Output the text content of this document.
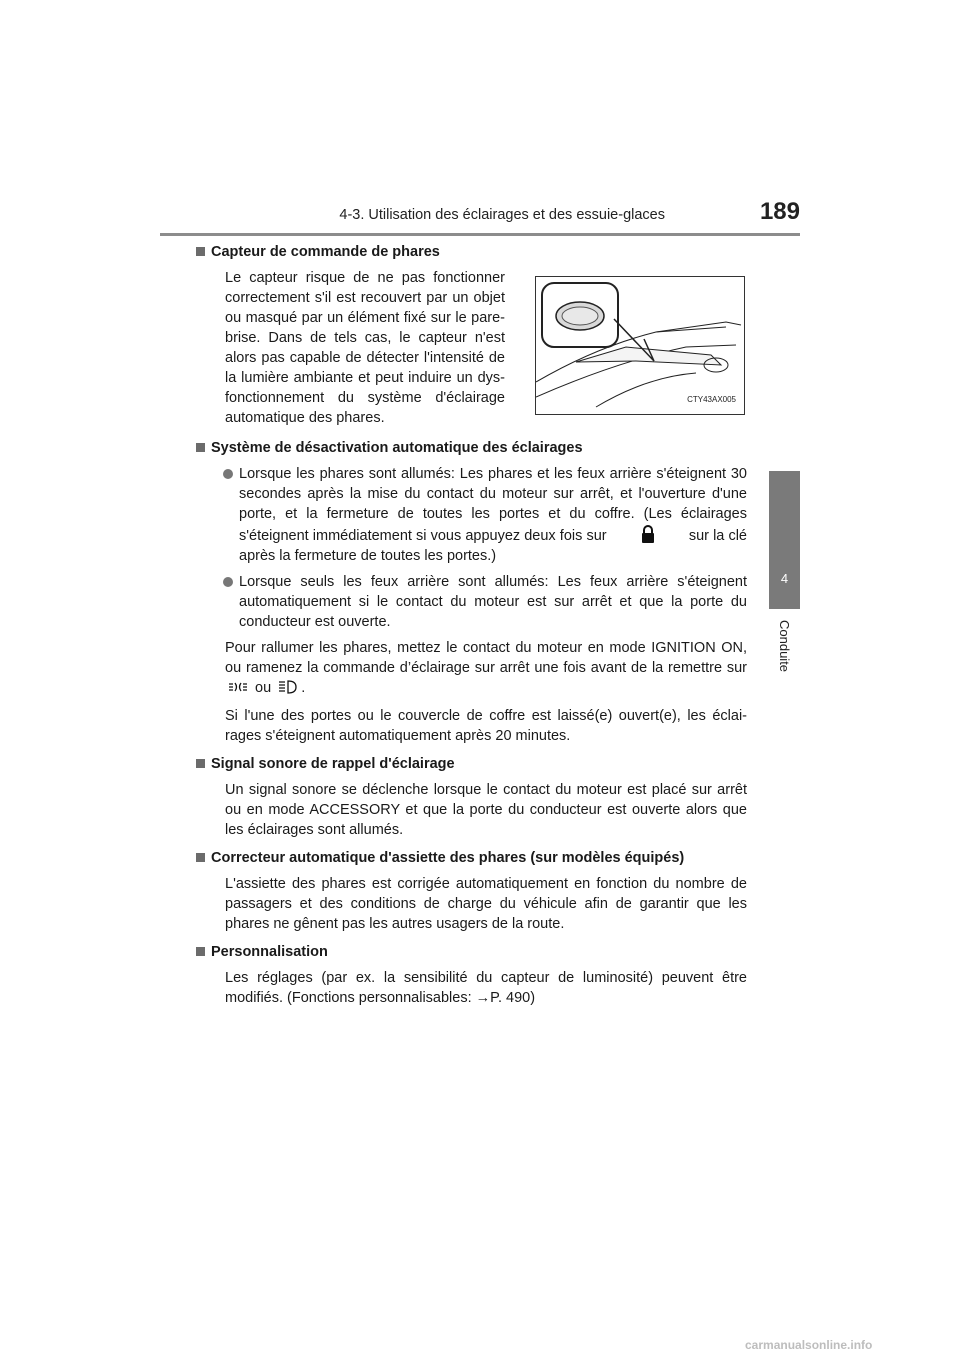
4-3. Utilisation des éclairages et des essuie-glaces	189
4
Conduite
Capteur de commande de phares
Le capteur risque de ne pas fonctionner correctement s'il est recouvert par un objet ou masqué par un élément fixé sur le pare-brise. Dans de tels cas, le capteur n'est alors pas capable de détecter l'intensité de la lumière ambiante et peut induire un dys-fonctionnement du système d'éclairage automatique des phares.
CTY43AX005
Système de désactivation automatique des éclairages
Lorsque les phares sont allumés: Les phares et les feux arrière s'éteignent 30 secondes après la mise du contact du moteur sur arrêt, et l'ouverture d'une porte, et la fermeture de toutes les portes et du coffre. (Les éclairages s'éteignent immédiatement si vous appuyez deux fois sur	sur la clé après la fermeture de toutes les portes.)
Lorsque seuls les feux arrière sont allumés: Les feux arrière s'éteignent automatiquement si le contact du moteur est sur arrêt et que la porte du conducteur est ouverte.
Pour rallumer les phares, mettez le contact du moteur en mode IGNITION ON, ou ramenez la commande d’éclairage sur arrêt une fois avant de la remettre sur  ou .
Si l'une des portes ou le couvercle de coffre est laissé(e) ouvert(e), les éclai-rages s'éteignent automatiquement après 20 minutes.
Signal sonore de rappel d'éclairage
Un signal sonore se déclenche lorsque le contact du moteur est placé sur arrêt ou en mode ACCESSORY et que la porte du conducteur est ouverte alors que les éclairages sont allumés.
Correcteur automatique d'assiette des phares (sur modèles équipés)
L'assiette des phares est corrigée automatiquement en fonction du nombre de passagers et des conditions de charge du véhicule afin de garantir que les phares ne gênent pas les autres usagers de la route.
Personnalisation
Les réglages (par ex. la sensibilité du capteur de luminosité) peuvent être modifiés. (Fonctions personnalisables: →P. 490)
carmanualsonline.info
